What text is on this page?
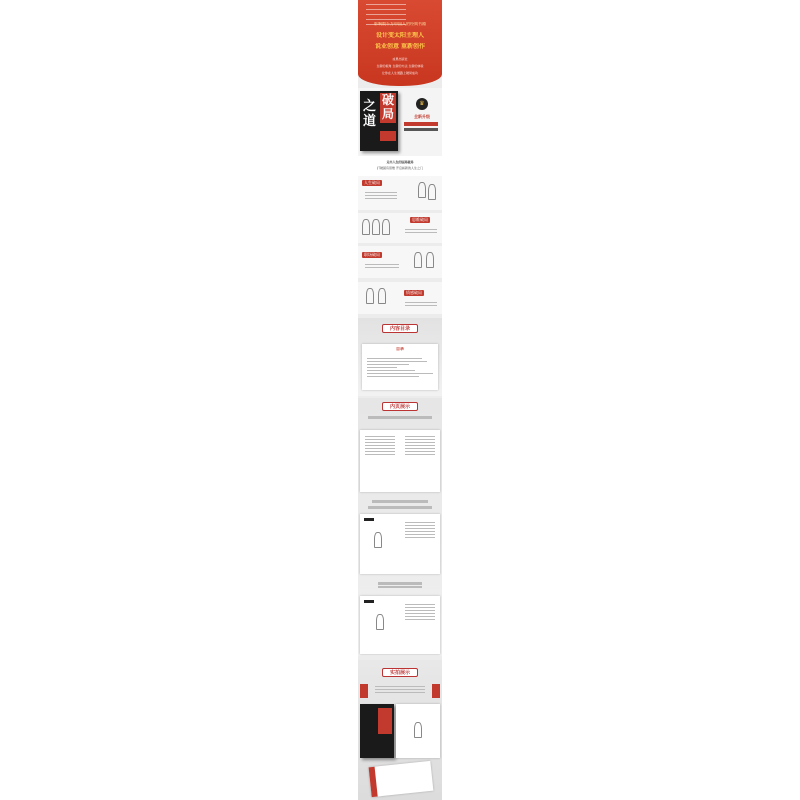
影响数千万中国人的经典书籍
设计变太阳主理人
说业创意 重新创作
成果出版社
全新的视角 全新的方法 全新的体验
让你在人生道路上破局成功
之道
破局
♛
全新升级
走出人生的困局破局
打破固有思维 开启崭新的人生之门
人生破局
思维破局
职场破局
情感破局
内容目录
目录
内页展示
实拍展示
